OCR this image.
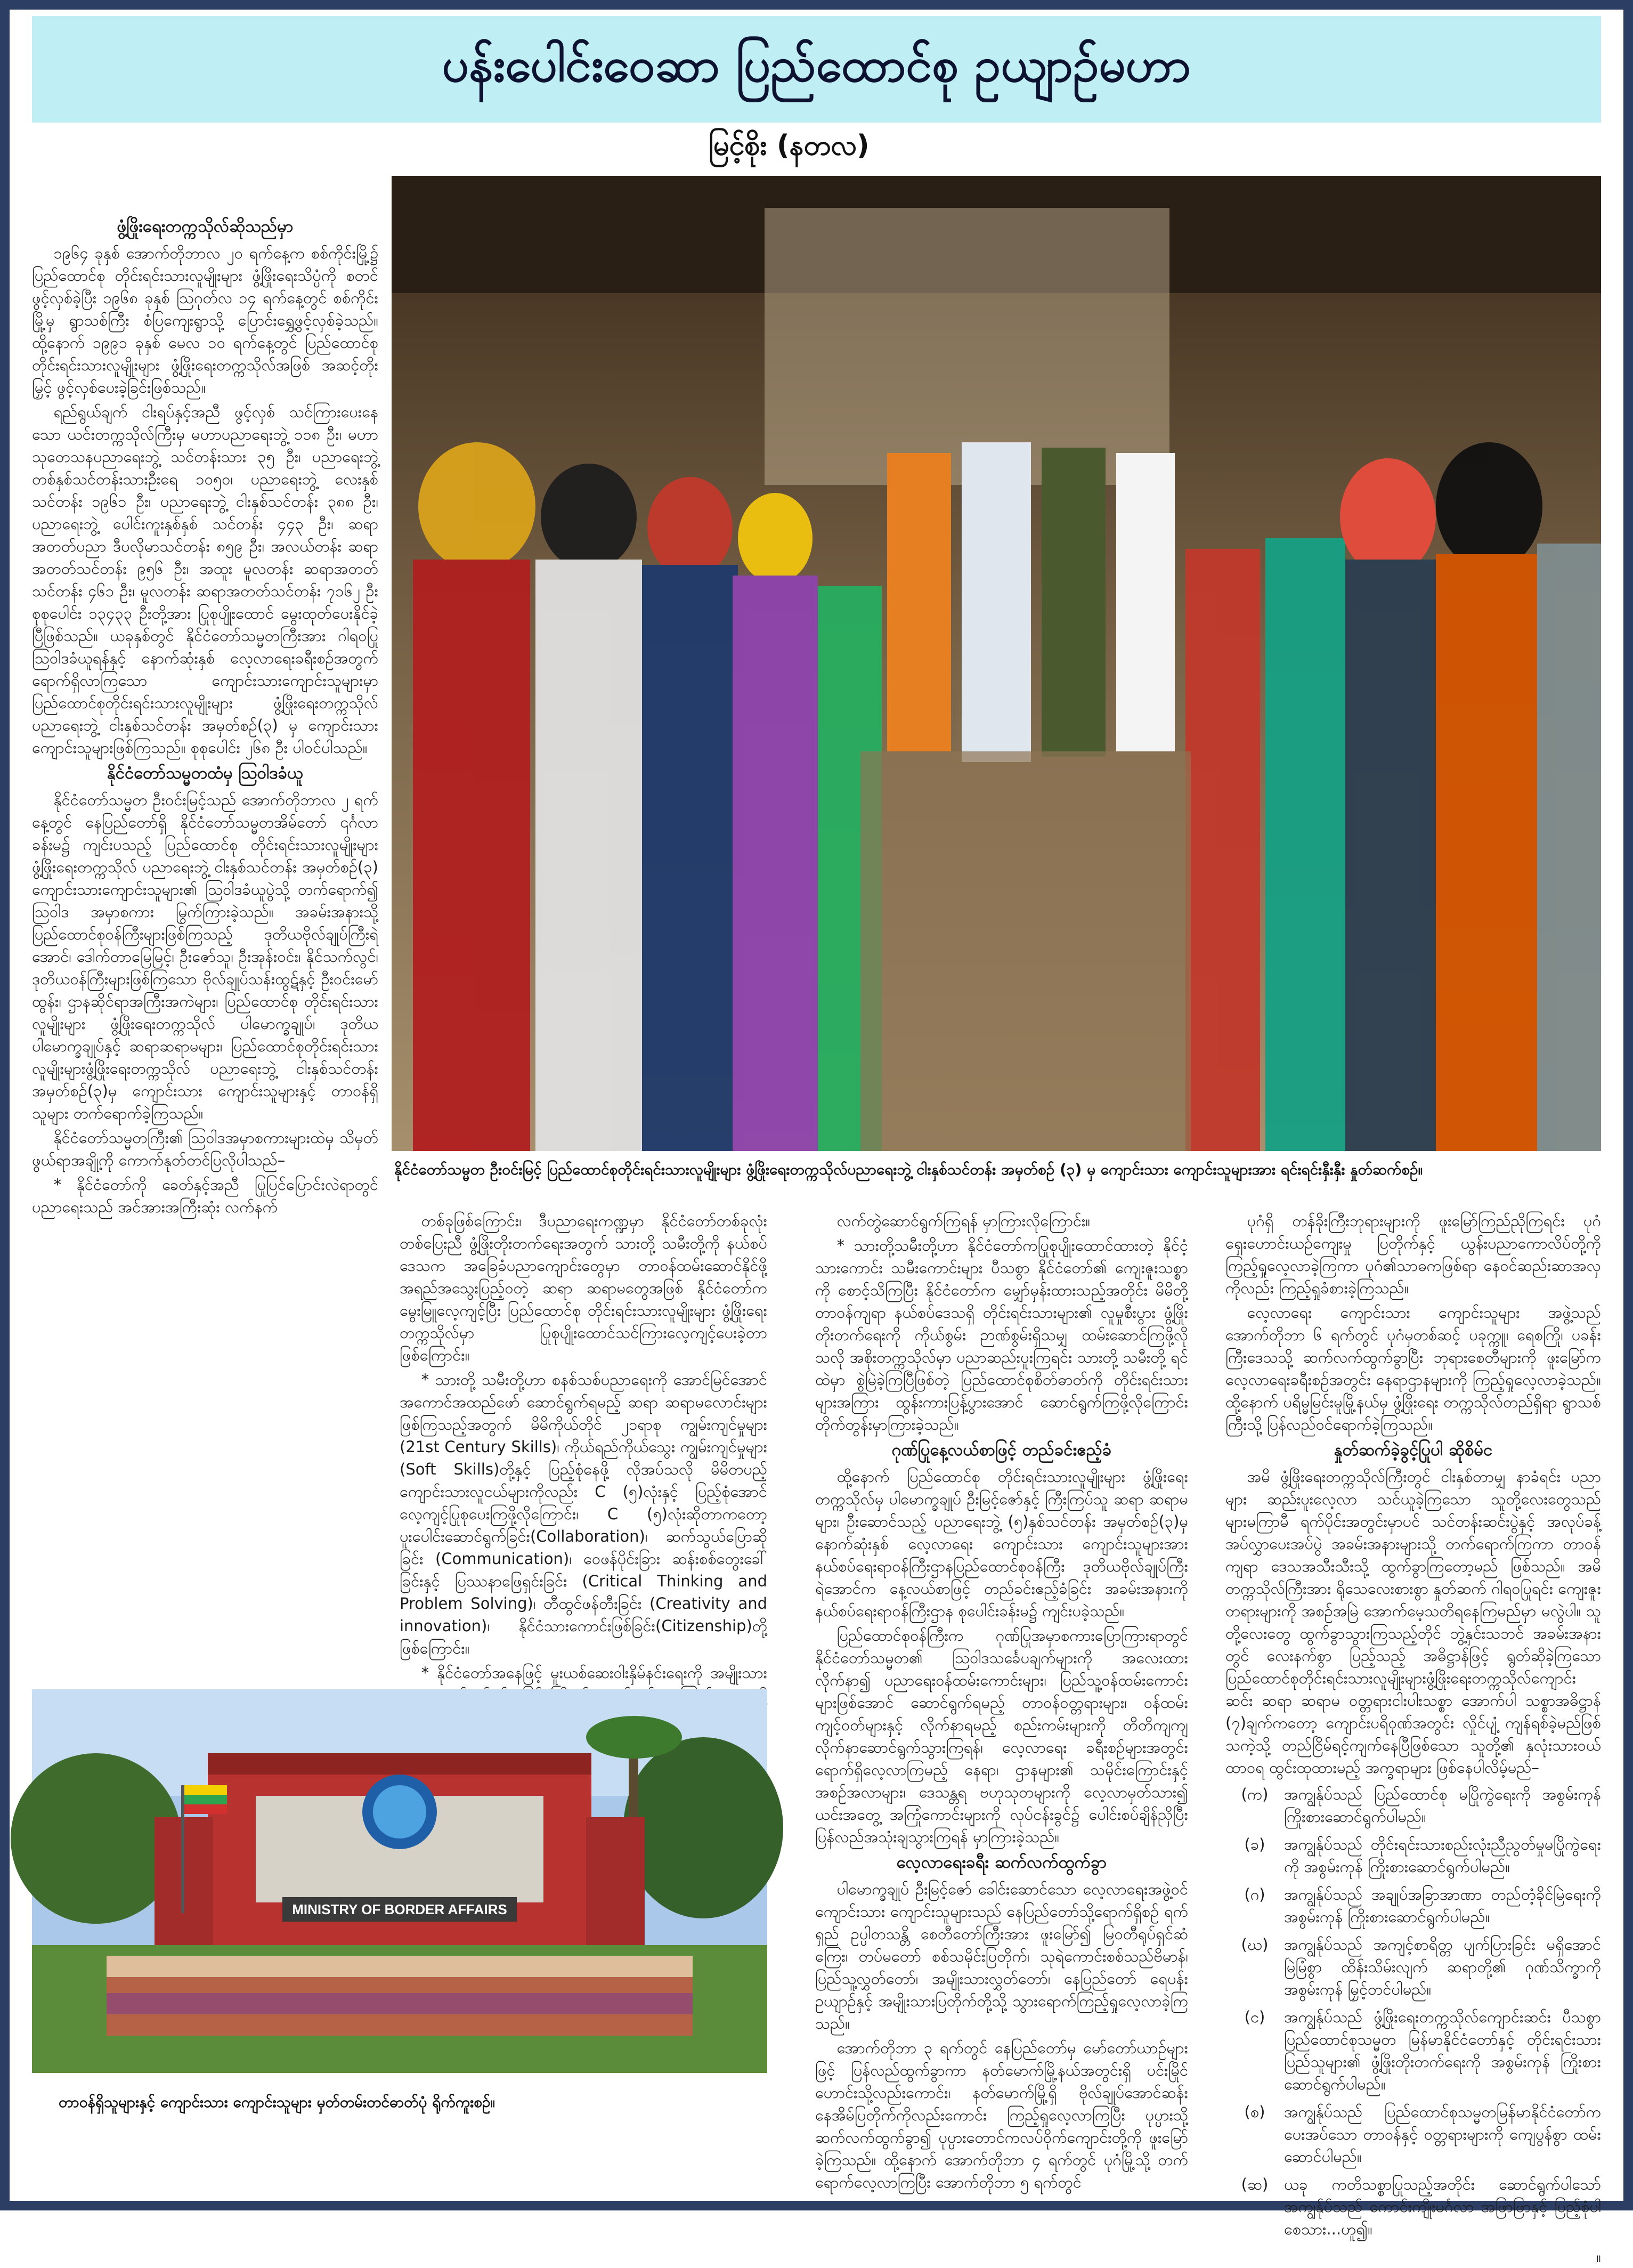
ပန်းပေါင်းဝေဆာ ပြည်ထောင်စု ဥယျာဉ်မဟာ
မြင့်စိုး (နတလ)
ဖွံ့ဖြိုးရေးတက္ကသိုလ်ဆိုသည်မှာ

၁၉၆၄ ခုနှစ် အောက်တိုဘာလ ၂၀ ရက်နေ့က စစ်ကိုင်းမြို့၌ ပြည်ထောင်စု တိုင်းရင်းသားလူမျိုးများ ဖွံ့ဖြိုးရေးသိပ္ပံကို စတင်ဖွင့်လှစ်ခဲ့ပြီး ၁၉၆၈ ခုနှစ် ဩဂုတ်လ ၁၄ ရက်နေ့တွင် စစ်ကိုင်းမြို့မှ ရွာသစ်ကြီး စံပြကျေးရွာသို့ ပြောင်းရွှေ့ဖွင့်လှစ်ခဲ့သည်။ ထို့နောက် ၁၉၉၁ ခုနှစ် မေလ ၁၀ ရက်နေ့တွင် ပြည်ထောင်စု တိုင်းရင်းသားလူမျိုးများ ဖွံ့ဖြိုးရေးတက္ကသိုလ်အဖြစ် အဆင့်တိုးမြှင့် ဖွင့်လှစ်ပေးခဲ့ခြင်းဖြစ်သည်။

ရည်ရွယ်ချက် ငါးရပ်နှင့်အညီ ဖွင့်လှစ် သင်ကြားပေးနေသော ယင်းတက္ကသိုလ်ကြီးမှ မဟာပညာရေးဘွဲ့ ၁၁၈ ဦး၊ မဟာသုတေသနပညာရေးဘွဲ့ သင်တန်းသား ၃၅ ဦး၊ ပညာရေးဘွဲ့ တစ်နှစ်သင်တန်းသားဦးရေ ၁၀၅၀၊ ပညာရေးဘွဲ့ လေးနှစ်သင်တန်း ၁၉၆၁ ဦး၊ ပညာရေးဘွဲ့ ငါးနှစ်သင်တန်း ၃၈၈ ဦး၊ ပညာရေးဘွဲ့ ပေါင်းကူးနှစ်နှစ် သင်တန်း ၄၄၃ ဦး၊ ဆရာအတတ်ပညာ ဒီပလိုမာသင်တန်း ၈၅၉ ဦး၊ အလယ်တန်း ဆရာအတတ်သင်တန်း ၉၅၆ ဦး၊ အထူး မူလတန်း ဆရာအတတ်သင်တန်း ၄၆၁ ဦး၊ မူလတန်း ဆရာအတတ်သင်တန်း ၇၁၆၂ ဦး စုစုပေါင်း ၁၃၄၃၃ ဦးတို့အား ပြုစုပျိုးထောင် မွေးထုတ်ပေးနိုင်ခဲ့ပြီဖြစ်သည်။ ယခုနှစ်တွင် နိုင်ငံတော်သမ္မတကြီးအား ဂါရဝပြု ဩဝါဒခံယူရန်နှင့် နောက်ဆုံးနှစ် လေ့လာရေးခရီးစဉ်အတွက် ရောက်ရှိလာကြသော ကျောင်းသားကျောင်းသူများမှာ ပြည်ထောင်စုတိုင်းရင်းသားလူမျိုးများ ဖွံ့ဖြိုးရေးတက္ကသိုလ် ပညာရေးဘွဲ့ ငါးနှစ်သင်တန်း အမှတ်စဉ်(၃) မှ ကျောင်းသားကျောင်းသူများဖြစ်ကြသည်။ စုစုပေါင်း ၂၆၈ ဦး ပါဝင်ပါသည်။

နိုင်ငံတော်သမ္မတထံမှ ဩဝါဒခံယူ

နိုင်ငံတော်သမ္မတ ဦးဝင်းမြင့်သည် အောက်တိုဘာလ ၂ ရက်နေ့တွင် နေပြည်တော်ရှိ နိုင်ငံတော်သမ္မတအိမ်တော် ၎င်္ဂလာခန်းမ၌ ကျင်းပသည့် ပြည်ထောင်စု တိုင်းရင်းသားလူမျိုးများ ဖွံ့ဖြိုးရေးတက္ကသိုလ် ပညာရေးဘွဲ့ ငါးနှစ်သင်တန်း အမှတ်စဉ်(၃) ကျောင်းသားကျောင်းသူများ၏ ဩဝါဒခံယူပွဲသို့ တက်ရောက်၍ ဩဝါဒ အမှာစကား မြွက်ကြားခဲ့သည်။ အခမ်းအနားသို့ ပြည်ထောင်စုဝန်ကြီးများဖြစ်ကြသည့် ဒုတိယဗိုလ်ချုပ်ကြီးရဲအောင်၊ ဒေါက်တာမြေမြင့်၊ ဦးဇော်သူ၊ ဦးအုန်းဝင်း၊ နိုင်သက်လွင်၊ ဒုတိယဝန်ကြီးများဖြစ်ကြသော ဗိုလ်ချုပ်သန်းထွဋ်နှင့် ဦးဝင်းမော်ထွန်း၊ ဌာနဆိုင်ရာအကြီးအကဲများ၊ ပြည်ထောင်စု တိုင်းရင်းသားလူမျိုးများ ဖွံ့ဖြိုးရေးတက္ကသိုလ် ပါမောက္ခချုပ်၊ ဒုတိယပါမောက္ခချုပ်နှင့် ဆရာဆရာမများ၊ ပြည်ထောင်စုတိုင်းရင်းသားလူမျိုးများဖွံ့ဖြိုးရေးတက္ကသိုလ် ပညာရေးဘွဲ့ ငါးနှစ်သင်တန်း အမှတ်စဉ်(၃)မှ ကျောင်းသား ကျောင်းသူများနှင့် တာဝန်ရှိသူများ တက်ရောက်ခဲ့ကြသည်။

နိုင်ငံတော်သမ္မတကြီး၏ ဩဝါဒအမှာစကားများထဲမှ သိမှတ်ဖွယ်ရာအချို့ကို ကောက်နုတ်တင်ပြလိုပါသည်–

* နိုင်ငံတော်ကို ခေတ်နှင့်အညီ ပြုပြင်ပြောင်းလဲရာတွင် ပညာရေးသည် အင်အားအကြီးဆုံး လက်နက်

နိုင်ငံတော်သမ္မတ ဦးဝင်းမြင့် ပြည်ထောင်စုတိုင်းရင်းသားလူမျိုးများ ဖွံ့ဖြိုးရေးတက္ကသိုလ်ပညာရေးဘွဲ့ ငါးနှစ်သင်တန်း အမှတ်စဉ် (၃) မှ ကျောင်းသား ကျောင်းသူများအား ရင်းရင်းနှီးနှီး နှုတ်ဆက်စဉ်။

တစ်ခုဖြစ်ကြောင်း၊ ဒီပညာရေးကဏ္ဍမှာ နိုင်ငံတော်တစ်ခုလုံး တစ်ပြေးညီ ဖွံ့ဖြိုးတိုးတက်ရေးအတွက် သားတို့ သမီးတို့ကို နယ်စပ်ဒေသက အခြေခံပညာကျောင်းတွေမှာ တာဝန်ထမ်းဆောင်နိုင်ဖို့ အရည်အသွေးပြည့်ဝတဲ့ ဆရာ ဆရာမတွေအဖြစ် နိုင်ငံတော်က မွေးမြူလေ့ကျင့်ပြီး ပြည်ထောင်စု တိုင်းရင်းသားလူမျိုးများ ဖွံ့ဖြိုးရေးတက္ကသိုလ်မှာ ပြုစုပျိုးထောင်သင်ကြားလေ့ကျင့်ပေးခဲ့တာ ဖြစ်ကြောင်း။

* သားတို့ သမီးတို့ဟာ စနစ်သစ်ပညာရေးကို အောင်မြင်အောင် အကောင်အထည်ဖော် ဆောင်ရွက်ရမည့် ဆရာ ဆရာမလောင်းများဖြစ်ကြသည့်အတွက် မိမိကိုယ်တိုင် ၂၁ရာစု ကျွမ်းကျင်မှုများ (21st Century Skills)၊ ကိုယ်ရည်ကိုယ်သွေး ကျွမ်းကျင်မှုများ (Soft Skills)တို့နှင့် ပြည့်စုံနေဖို့ လိုအပ်သလို မိမိတပည့် ကျောင်းသားလူငယ်များကိုလည်း C (၅)လုံးနှင့် ပြည့်စုံအောင် လေ့ကျင့်ပြုစုပေးကြဖို့လိုကြောင်း၊ C (၅)လုံးဆိုတာကတော့ ပူးပေါင်းဆောင်ရွက်ခြင်း(Collaboration)၊ ဆက်သွယ်ပြောဆိုခြင်း (Communication)၊ ဝေဖန်ပိုင်းခြား ဆန်းစစ်တွေးခေါ်ခြင်းနှင့် ပြဿနာဖြေရှင်းခြင်း (Critical Thinking and Problem Solving)၊ တီထွင်ဖန်တီးခြင်း (Creativity and innovation)၊ နိုင်ငံသားကောင်းဖြစ်ခြင်း(Citizenship)တို့ ဖြစ်ကြောင်း။

* နိုင်ငံတော်အနေဖြင့် မူးယစ်ဆေးဝါးနှိမ်နင်းရေးကို အမျိုးသား

လက်တွဲဆောင်ရွက်ကြရန် မှာကြားလိုကြောင်း။

* သားတို့သမီးတို့ဟာ နိုင်ငံတော်ကပြုစုပျိုးထောင်ထားတဲ့ နိုင်ငံ့သားကောင်း သမီးကောင်းများ ပီသစွာ နိုင်ငံတော်၏ ကျေးဇူးသစ္စာကို စောင့်သိကြပြီး နိုင်ငံတော်က မျှော်မှန်းထားသည့်အတိုင်း မိမိတို့ တာဝန်ကျရာ နယ်စပ်ဒေသရှိ တိုင်းရင်းသားများ၏ လူမှုစီးပွား ဖွံ့ဖြိုးတိုးတက်ရေးကို ကိုယ်စွမ်း ဉာဏ်စွမ်းရှိသမျှ ထမ်းဆောင်ကြဖို့လိုသလို အစိုးတက္ကသိုလ်မှာ ပညာဆည်းပူးကြရင်း သားတို့ သမီးတို့ ရင်ထဲမှာ စွဲမြဲခဲ့ကြပြီဖြစ်တဲ့ ပြည်ထောင်စုစိတ်ဓာတ်ကို တိုင်းရင်းသားများအကြား ထွန်းကားပြန့်ပွားအောင် ဆောင်ရွက်ကြဖို့လိုကြောင်း တိုက်တွန်းမှာကြားခဲ့သည်။

ဂုဏ်ပြုနေ့လယ်စာဖြင့် တည်ခင်းဧည့်ခံ

ထို့နောက် ပြည်ထောင်စု တိုင်းရင်းသားလူမျိုးများ ဖွံ့ဖြိုးရေးတက္ကသိုလ်မှ ပါမောက္ခချုပ် ဦးမြင့်ဇော်နှင့် ကြီးကြပ်သူ ဆရာ ဆရာမများ၊ ဦးဆောင်သည့် ပညာရေးဘွဲ့ (၅)နှစ်သင်တန်း အမှတ်စဉ်(၃)မှ နောက်ဆုံးနှစ် လေ့လာရေး ကျောင်းသား ကျောင်းသူများအား နယ်စပ်ရေးရာဝန်ကြီးဌာနပြည်ထောင်စုဝန်ကြီး ဒုတိယဗိုလ်ချုပ်ကြီး ရဲအောင်က နေ့လယ်စာဖြင့် တည်ခင်းဧည့်ခံခြင်း အခမ်းအနားကို နယ်စပ်ရေးရာဝန်ကြီးဌာန စုပေါင်းခန်းမ၌ ကျင်းပခဲ့သည်။

ပြည်ထောင်စုဝန်ကြီးက ဂုဏ်ပြုအမှာစကားပြောကြားရာတွင် နိုင်ငံတော်သမ္မတ၏ ဩဝါဒသင်္ခေပချက်များကို အလေးထားလိုက်နာ၍ ပညာရေးဝန်ထမ်းကောင်းများ၊ ပြည်သူ့ဝန်ထမ်းကောင်းများဖြစ်အောင် ဆောင်ရွက်ရမည့် တာဝန်ဝတ္တရားများ၊ ဝန်ထမ်းကျင့်ဝတ်များနှင့် လိုက်နာရမည့် စည်းကမ်းများကို တိတိကျကျ လိုက်နာဆောင်ရွက်သွားကြရန်၊ လေ့လာရေး ခရီးစဉ်များအတွင်း ရောက်ရှိလေ့လာကြမည့် နေရာ၊ ဌာနများ၏ သမိုင်းကြောင်းနှင့် အစဉ်အလာများ၊ ဒေသန္တရ ဗဟုသုတများကို လေ့လာမှတ်သား၍ ယင်းအတွေ့ အကြုံကောင်းများကို လုပ်ငန်းခွင်၌ ပေါင်းစပ်ချိန်ညှိပြီး ပြန်လည်အသုံးချသွားကြရန် မှာကြားခဲ့သည်။

လေ့လာရေးခရီး ဆက်လက်ထွက်ခွာ

ပါမောက္ခချုပ် ဦးမြင့်ဇော် ခေါင်းဆောင်သော လေ့လာရေးအဖွဲ့ဝင် ကျောင်းသား ကျောင်းသူများသည် နေပြည်တော်သို့ရောက်ရှိစဉ် ရက်ရှည် ဥပ္ပါတသန္တိ စေတီတော်ကြီးအား ဖူးမြော်၍ မြဝတီရုပ်ရှင်ဆံကြေး၊ တပ်မတော် စစ်သမိုင်းပြတိုက်၊ သုရဲကောင်းစစ်သည်ဗိမာန်၊ ပြည်သူ့လွှတ်တော်၊ အမျိုးသားလွှတ်တော်၊ နေပြည်တော် ရေပန်းဥယျာဉ်နှင့် အမျိုးသားပြတိုက်တို့သို့ သွားရောက်ကြည့်ရှုလေ့လာခဲ့ကြသည်။

အောက်တိုဘာ ၃ ရက်တွင် နေပြည်တော်မှ မော်တော်ယာဉ်များဖြင့် ပြန်လည်ထွက်ခွာကာ နတ်မောက်မြို့နယ်အတွင်းရှိ ပင်းမြိုင်ဟောင်းသို့လည်းကောင်း၊ နတ်မောက်မြို့ရှိ ဗိုလ်ချုပ်အောင်ဆန်းနေအိမ်ပြတိုက်ကိုလည်းကောင်း ကြည့်ရှုလေ့လာကြပြီး ပုပ္ပားသို့ ဆက်လက်ထွက်ခွာ၍ ပုပ္ပားတောင်ကလပ်ဝိုက်ကျောင်းတို့ကို ဖူးမြော်ခဲ့ကြသည်။ ထို့နောက် အောက်တိုဘာ ၄ ရက်တွင် ပုဂံမြို့သို့ တက်ရောက်လေ့လာကြပြီး အောက်တိုဘာ ၅ ရက်တွင်

ပုဂံရှိ တန်ခိုးကြီးဘုရားများကို ဖူးမြော်ကြည်ညိုကြရင်း ပုဂံ ရှေးဟောင်းယဉ်ကျေးမှု ပြတိုက်နှင့် ယွန်းပညာကောလိပ်တို့ကို ကြည့်ရှုလေ့လာခဲ့ကြကာ ပုဂံ၏သာဓကဖြစ်ရာ နေဝင်ဆည်းဆာအလှကိုလည်း ကြည့်ရှုခံစားခဲ့ကြသည်။

လေ့လာရေး ကျောင်းသား ကျောင်းသူများ အဖွဲ့သည် အောက်တိုဘာ ၆ ရက်တွင် ပုဂံမှတစ်ဆင့် ပခုက္ကူ၊ ရေစကြို၊ ပခန်းကြီးဒေသသို့ ဆက်လက်ထွက်ခွာပြီး ဘုရားစေတီများကို ဖူးမြော်က လေ့လာရေးခရီးစဉ်အတွင်း နေရာဌာနများကို ကြည့်ရှုလေ့လာခဲ့သည်။ ထို့နောက် ပရိမ္မမြင်းမူမြို့နယ်မှ ဖွံ့ဖြိုးရေး တက္ကသိုလ်တည်ရှိရာ ရွာသစ်ကြီးသို့ ပြန်လည်ဝင်ရောက်ခဲ့ကြသည်။

နှုတ်ဆက်ခဲ့ခွင့်ပြုပါ ဆိုစိမ်င

အမိ ဖွံ့ဖြိုးရေးတက္ကသိုလ်ကြီးတွင် ငါးနှစ်တာမျှ နာခံရင်း ပညာများ ဆည်းပူးလေ့လာ သင်ယူခဲ့ကြသော သူတို့လေးတွေသည် များမကြာမီ ရက်ပိုင်းအတွင်းမှာပင် သင်တန်းဆင်းပွဲနှင့် အလုပ်ခန့်အပ်လွှာပေးအပ်ပွဲ အခမ်းအနားများသို့ တက်ရောက်ကြကာ တာဝန်ကျရာ ဒေသအသီးသီးသို့ ထွက်ခွာကြတော့မည် ဖြစ်သည်။ အမိတက္ကသိုလ်ကြီးအား ရိုသေလေးစားစွာ နှုတ်ဆက် ဂါရဝပြုရင်း ကျေးဇူးတရားများကို အစဉ်အမြဲ အောက်မေ့သတိရနေကြမည်မှာ မလွဲပါ။ သူတို့လေးတွေ ထွက်ခွာသွားကြသည့်တိုင် ဘွဲ့နှင်းသဘင် အခမ်းအနားတွင် လေးနက်စွာ ပြည့်သည့် အဓိဋ္ဌာန်ဖြင့် ရွတ်ဆိုခဲ့ကြသော ပြည်ထောင်စုတိုင်းရင်းသားလူမျိုးများဖွံ့ဖြိုးရေးတက္ကသိုလ်ကျောင်းဆင်း ဆရာ ဆရာမ ဝတ္တရားငါးပါးသစ္စာ အောက်ပါ သစ္စာအဓိဋ္ဌာန် (၇)ချက်ကတော့ ကျောင်းပရိဝုဏ်အတွင်း လှိုင်ပျံ့ ကျန်ရစ်ခဲ့မည်ဖြစ်သကဲ့သို့ တည်ငြိမ်ရင့်ကျက်နေပြီဖြစ်သော သူတို့၏ နှလုံးသားဝယ် ထာဝရ ထွင်းထုထားမည့် အက္ခရာများ ဖြစ်နေပါလိမ့်မည်–

(က)	အကျွန်ုပ်သည် ပြည်ထောင်စု မပြိုကွဲရေးကို အစွမ်းကုန် ကြိုးစားဆောင်ရွက်ပါမည်။
(ခ)	အကျွန်ုပ်သည် တိုင်းရင်းသားစည်းလုံးညီညွတ်မှုမပြိုကွဲရေးကို အစွမ်းကုန် ကြိုးစားဆောင်ရွက်ပါမည်။
(ဂ)	အကျွန်ုပ်သည် အချုပ်အခြာအာဏာ တည်တံ့ခိုင်မြဲရေးကို အစွမ်းကုန် ကြိုးစားဆောင်ရွက်ပါမည်။
(ဃ)	အကျွန်ုပ်သည် အကျင့်စာရိတ္တ ပျက်ပြားခြင်း မရှိအောင် မြဲမြံစွာ ထိန်းသိမ်းလျက် ဆရာတို့၏ ဂုဏ်သိက္ခာကို အစွမ်းကုန် မြှင့်တင်ပါမည်။
(င)	အကျွန်ုပ်သည် ဖွံ့ဖြိုးရေးတက္ကသိုလ်ကျောင်းဆင်း ပီသစွာ ပြည်ထောင်စုသမ္မတ မြန်မာနိုင်ငံတော်နှင့် တိုင်းရင်းသားပြည်သူများ၏ ဖွံ့ဖြိုးတိုးတက်ရေးကို အစွမ်းကုန် ကြိုးစားဆောင်ရွက်ပါမည်။
(စ)	အကျွန်ုပ်သည် ပြည်ထောင်စုသမ္မတမြန်မာနိုင်ငံတော်က ပေးအပ်သော တာဝန်နှင့် ဝတ္တရားများကို ကျေပွန်စွာ ထမ်းဆောင်ပါမည်။
(ဆ)	ယခု ကတိသစ္စာပြုသည့်အတိုင်း ဆောင်ရွက်ပါသော် အကျွန်ုပ်သည် ကောင်းကျိုးမင်္ဂလာ အဖြာဖြာနှင့် ပြည့်စုံပါစေသား...ဟူ၍။
။
MINISTRY OF BORDER AFFAIRS
တာဝန်ရှိသူများနှင့် ကျောင်းသား ကျောင်းသူများ မှတ်တမ်းတင်ဓာတ်ပုံ ရိုက်ကူးစဉ်။
